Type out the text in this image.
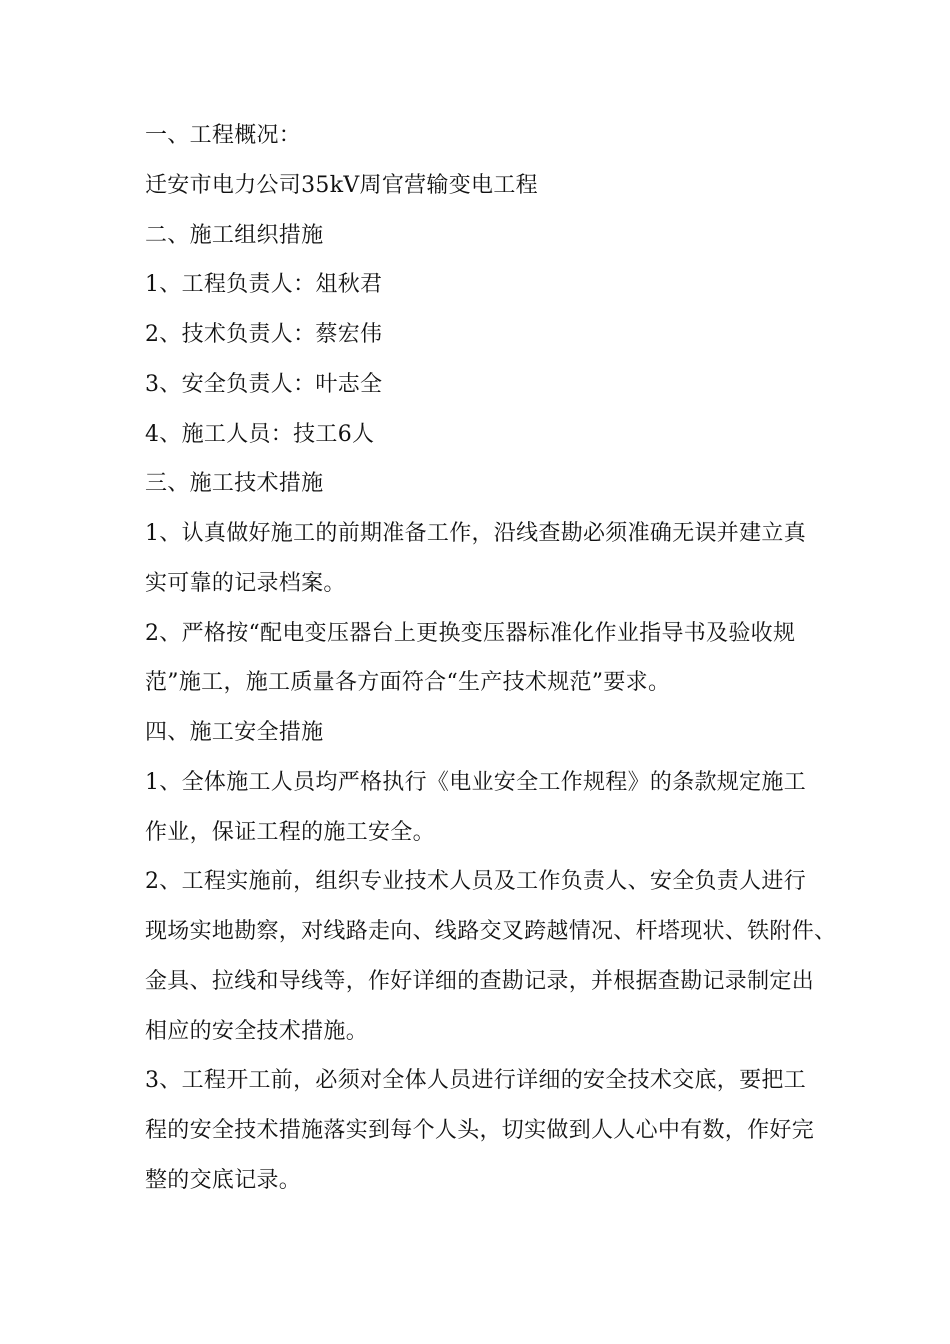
一、工程概况：
迁安市电力公司35kV周官营输变电工程
二、施工组织措施
1、工程负责人：俎秋君
2、技术负责人：蔡宏伟
3、安全负责人：叶志全
4、施工人员：技工6人
三、施工技术措施
1、认真做好施工的前期准备工作，沿线查勘必须准确无误并建立真
实可靠的记录档案。
2、严格按“配电变压器台上更换变压器标准化作业指导书及验收规
范”施工，施工质量各方面符合“生产技术规范”要求。
四、施工安全措施
1、全体施工人员均严格执行《电业安全工作规程》的条款规定施工
作业，保证工程的施工安全。
2、工程实施前，组织专业技术人员及工作负责人、安全负责人进行
现场实地勘察，对线路走向、线路交叉跨越情况、杆塔现状、铁附件、
金具、拉线和导线等，作好详细的查勘记录，并根据查勘记录制定出
相应的安全技术措施。
3、工程开工前，必须对全体人员进行详细的安全技术交底，要把工
程的安全技术措施落实到每个人头，切实做到人人心中有数，作好完
整的交底记录。
